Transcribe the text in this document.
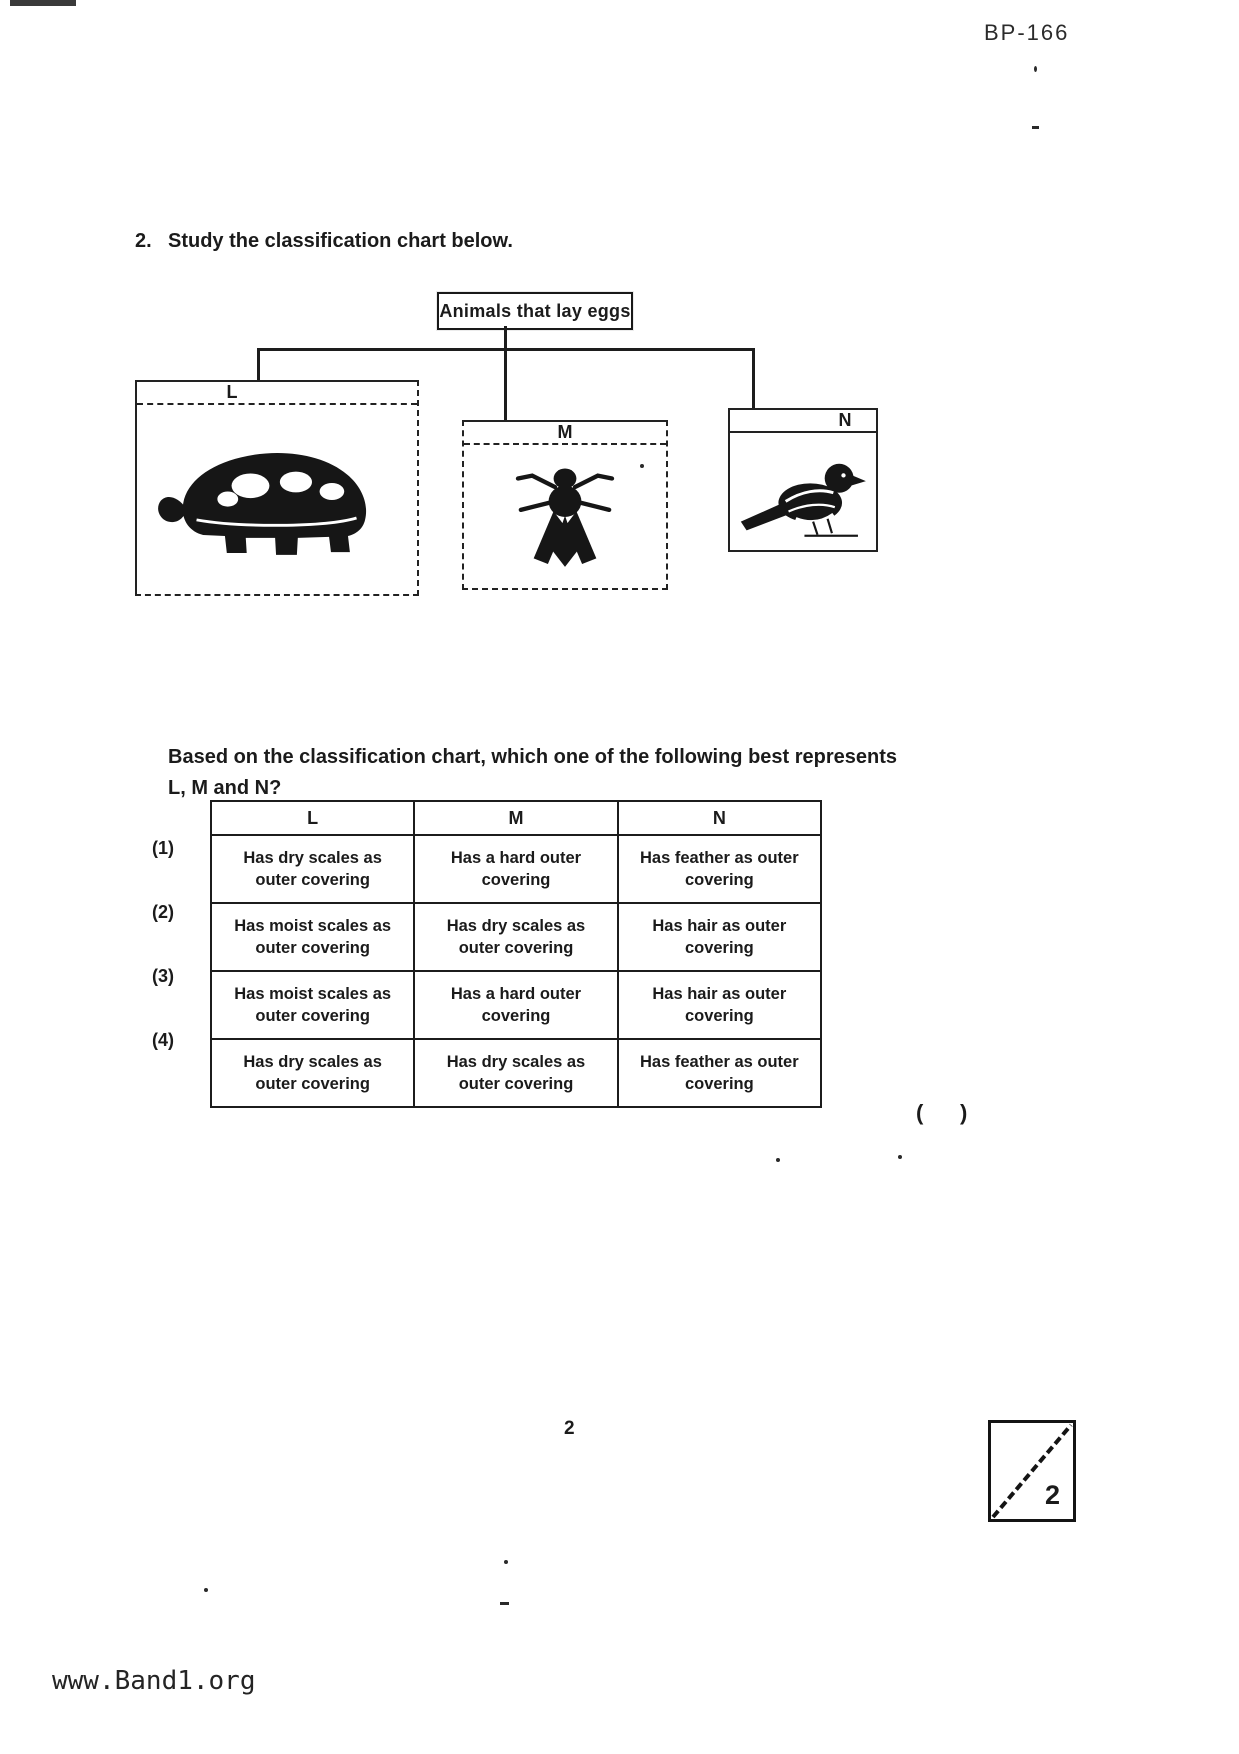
BP-166
2. Study the classification chart below.
Animals that lay eggs
L
M
N
Based on the classification chart, which one of the following best represents L, M and N?
(1)
(2)
(3)
(4)
L	M	N
Has dry scales as outer covering	Has a hard outer covering	Has feather as outer covering
Has moist scales as outer covering	Has dry scales as outer covering	Has hair as outer covering
Has moist scales as outer covering	Has a hard outer covering	Has hair as outer covering
Has dry scales as outer covering	Has dry scales as outer covering	Has feather as outer covering
(      )
2
2
www.Band1.org
